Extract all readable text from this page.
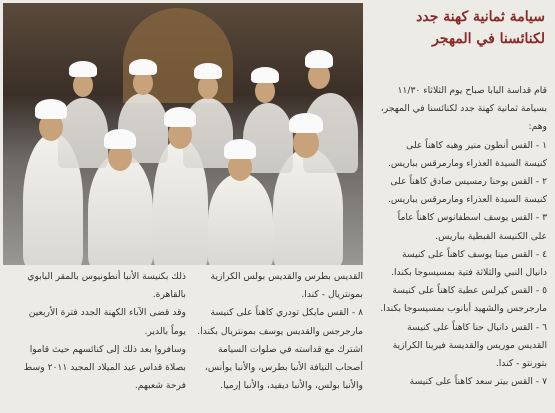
سيامة ثمانية كهنة جدد
لكنائسنا في المهجر

قام قداسة البابا صباح يوم الثلاثاء ١١/٣٠

بسيامة ثمانية كهنة جدد لكنائسنا في المهجر،

وهم:

١ - القس أنطون منير وهبه كاهناً على

كنيسة السيدة العذراء ومارمرقس بباريس.

٢ - القس يوحنا رمسيس صادق كاهناً على

كنيسة السيدة العذراء ومارمرقس بباريس.

٣ - القس يوسف اسطفانوس كاهناً عاماً

على الكنيسة القبطية بباريس.

٤ - القس مينا يوسف كاهناً على كنيسة

دانيال النبي والثلاثة فتية بمسيسوجا بكندا.

٥ - القس كيرلس عطية كاهناً على كنيسة

مارجرجس والشهيد أبانوب بمسيسوجا بكندا.

٦ - القس دانيال حنا كاهناً على كنيسة

القديس موريس والقديسة فيرينا الكرازية

بتورنتو - كندا.

٧ - القس بيتر سعد كاهناً على كنيسة

القديس بطرس والقديس بولس الكرازية

بمونتريال - كندا.

٨ - القس مايكل تودري كاهناً على كنيسة

مارجرجس والقديس يوسف بمونتريال بكندا.

اشترك مع قداسته في صلوات السيامة

أصحاب النيافة الأنبا بطرس، والأنبا يوأنس،

والأنبا بولس، والأنبا ديفيد، والأنبا إرميا.

ذلك بكنيسة الأنبا أنطونيوس بالمقر البابوي

بالقاهرة.

وقد قضى الآباء الكهنة الجدد فترة الأربعين

يوماً بالدير.

وسافروا بعد ذلك إلى كنائسهم حيث قاموا

بصلاة قداس عيد الميلاد المجيد ٢٠١١ وسط

فرحة شعبهم.
